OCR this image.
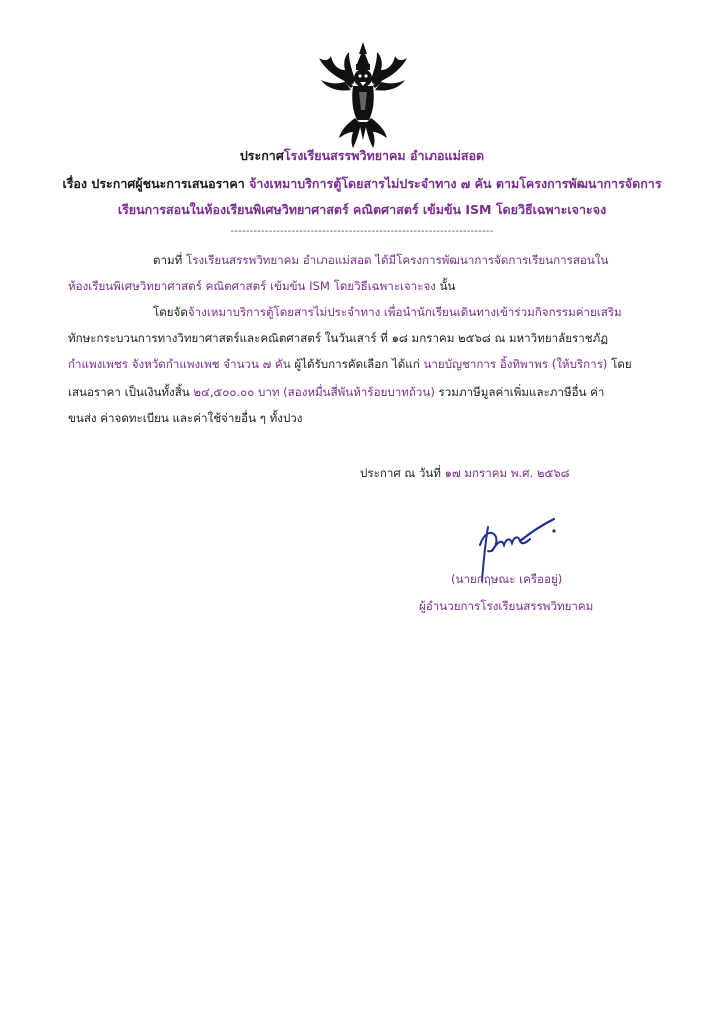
ประกาศโรงเรียนสรรพวิทยาคม อำเภอแม่สอด
เรื่อง ประกาศผู้ชนะการเสนอราคา จ้างเหมาบริการตู้โดยสารไม่ประจำทาง ๗ คัน ตามโครงการพัฒนาการจัดการ
เรียนการสอนในห้องเรียนพิเศษวิทยาศาสตร์ คณิตศาสตร์ เข้มข้น ISM โดยวิธีเฉพาะเจาะจง
---------------------------------------------------------------------
ตามที่ โรงเรียนสรรพวิทยาคม อำเภอแม่สอด ได้มีโครงการพัฒนาการจัดการเรียนการสอนใน
ห้องเรียนพิเศษวิทยาศาสตร์ คณิตศาสตร์ เข้มข้น ISM โดยวิธีเฉพาะเจาะจง นั้น
โดยจัดจ้างเหมาบริการตู้โดยสารไม่ประจำทาง เพื่อนำนักเรียนเดินทางเข้าร่วมกิจกรรมค่ายเสริม
ทักษะกระบวนการทางวิทยาศาสตร์และคณิตศาสตร์ ในวันเสาร์ ที่ ๑๘ มกราคม ๒๕๖๘ ณ มหาวิทยาลัยราชภัฏ
กำแพงเพชร จังหวัดกำแพงเพช จำนวน ๗ คัน ผู้ได้รับการคัดเลือก ได้แก่ นายบัญชาการ อิ้งทิพาพร (ให้บริการ) โดย
เสนอราคา เป็นเงินทั้งสิ้น ๒๔,๕๐๐.๐๐ บาท (สองหมื่นสี่พันห้าร้อยบาทถ้วน) รวมภาษีมูลค่าเพิ่มและภาษีอื่น ค่า
ขนส่ง ค่าจดทะเบียน และค่าใช้จ่ายอื่น ๆ ทั้งปวง
ประกาศ ณ วันที่ ๑๗ มกราคม พ.ศ. ๒๕๖๘
(นายกฤษณะ เครืออยู่)
ผู้อำนวยการโรงเรียนสรรพวิทยาคม
